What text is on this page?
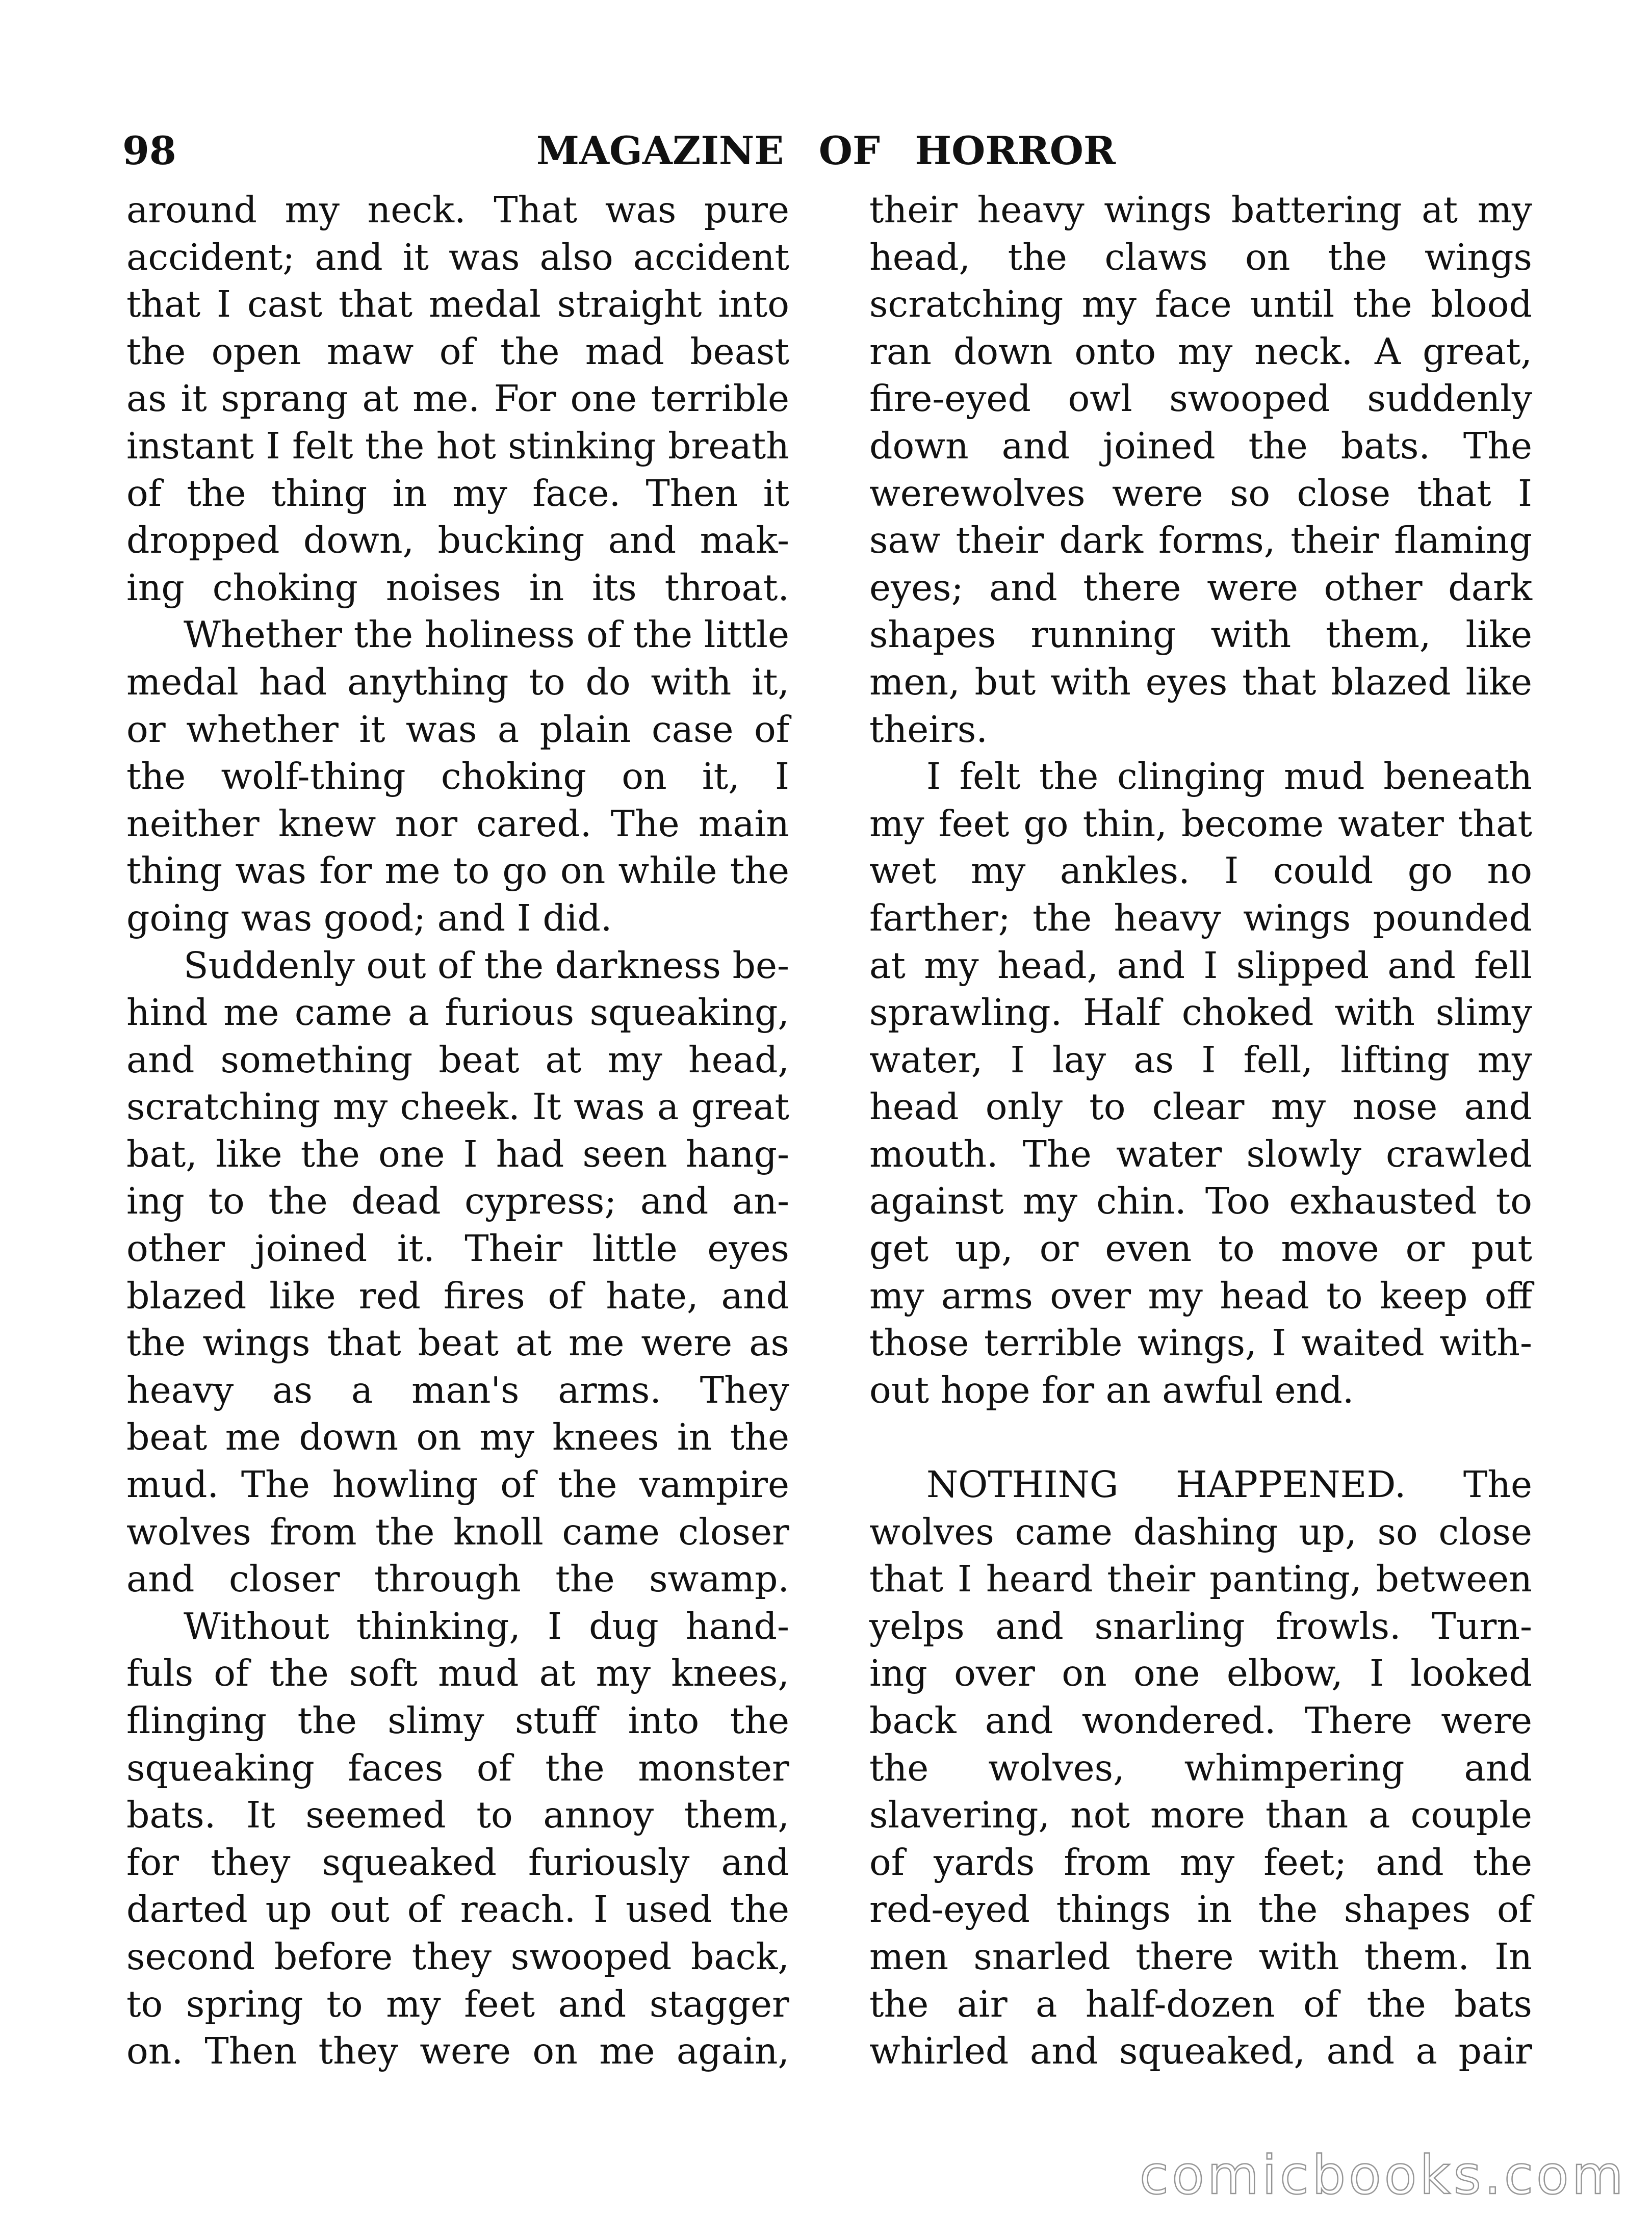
98	MAGAZINE OF HORROR
around my neck. That was pure
accident; and it was also accident
that I cast that medal straight into
the open maw of the mad beast
as it sprang at me. For one terrible
instant I felt the hot stinking breath
of the thing in my face. Then it
dropped down, bucking and mak-
ing choking noises in its throat.
Whether the holiness of the little
medal had anything to do with it,
or whether it was a plain case of
the wolf-thing choking on it, I
neither knew nor cared. The main
thing was for me to go on while the
going was good; and I did.
Suddenly out of the darkness be-
hind me came a furious squeaking,
and something beat at my head,
scratching my cheek. It was a great
bat, like the one I had seen hang-
ing to the dead cypress; and an-
other joined it. Their little eyes
blazed like red fires of hate, and
the wings that beat at me were as
heavy as a man's arms. They
beat me down on my knees in the
mud. The howling of the vampire
wolves from the knoll came closer
and closer through the swamp.
Without thinking, I dug hand-
fuls of the soft mud at my knees,
flinging the slimy stuff into the
squeaking faces of the monster
bats. It seemed to annoy them,
for they squeaked furiously and
darted up out of reach. I used the
second before they swooped back,
to spring to my feet and stagger
on. Then they were on me again,
their heavy wings battering at my
head, the claws on the wings
scratching my face until the blood
ran down onto my neck. A great,
fire-eyed owl swooped suddenly
down and joined the bats. The
werewolves were so close that I
saw their dark forms, their flaming
eyes; and there were other dark
shapes running with them, like
men, but with eyes that blazed like
theirs.
I felt the clinging mud beneath
my feet go thin, become water that
wet my ankles. I could go no
farther; the heavy wings pounded
at my head, and I slipped and fell
sprawling. Half choked with slimy
water, I lay as I fell, lifting my
head only to clear my nose and
mouth. The water slowly crawled
against my chin. Too exhausted to
get up, or even to move or put
my arms over my head to keep off
those terrible wings, I waited with-
out hope for an awful end.
NOTHING HAPPENED. The
wolves came dashing up, so close
that I heard their panting, between
yelps and snarling frowls. Turn-
ing over on one elbow, I looked
back and wondered. There were
the wolves, whimpering and
slavering, not more than a couple
of yards from my feet; and the
red-eyed things in the shapes of
men snarled there with them. In
the air a half-dozen of the bats
whirled and squeaked, and a pair
comicbooks.com
